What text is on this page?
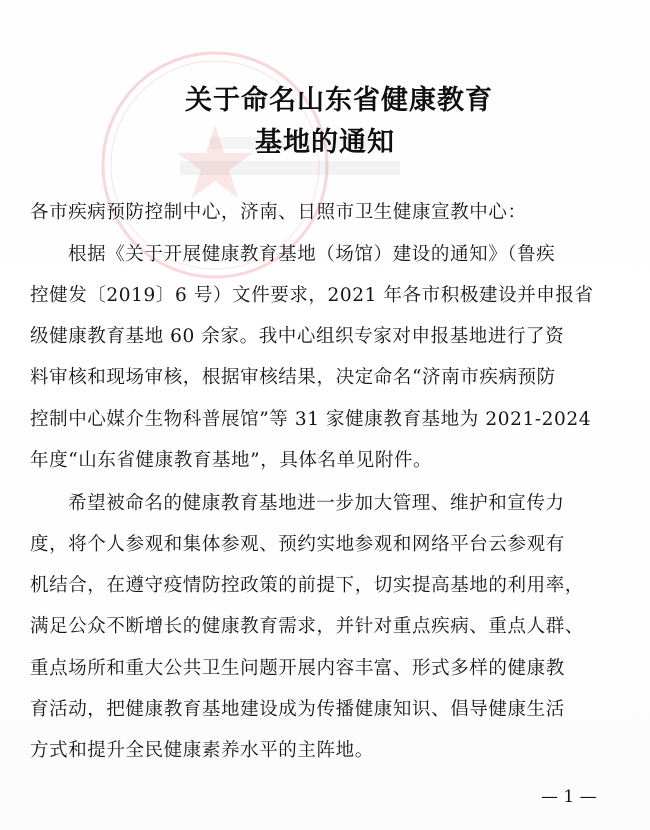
关于命名山东省健康教育
基地的通知
各市疾病预防控制中心，济南、日照市卫生健康宣教中心：
根据《关于开展健康教育基地（场馆）建设的通知》（鲁疾
控健发〔2019〕6 号）文件要求，2021 年各市积极建设并申报省
级健康教育基地 60 余家。我中心组织专家对申报基地进行了资
料审核和现场审核，根据审核结果，决定命名“济南市疾病预防
控制中心媒介生物科普展馆”等 31 家健康教育基地为 2021-2024
年度“山东省健康教育基地”，具体名单见附件。
希望被命名的健康教育基地进一步加大管理、维护和宣传力
度，将个人参观和集体参观、预约实地参观和网络平台云参观有
机结合，在遵守疫情防控政策的前提下，切实提高基地的利用率，
满足公众不断增长的健康教育需求，并针对重点疾病、重点人群、
重点场所和重大公共卫生问题开展内容丰富、形式多样的健康教
育活动，把健康教育基地建设成为传播健康知识、倡导健康生活
方式和提升全民健康素养水平的主阵地。
— 1 —
